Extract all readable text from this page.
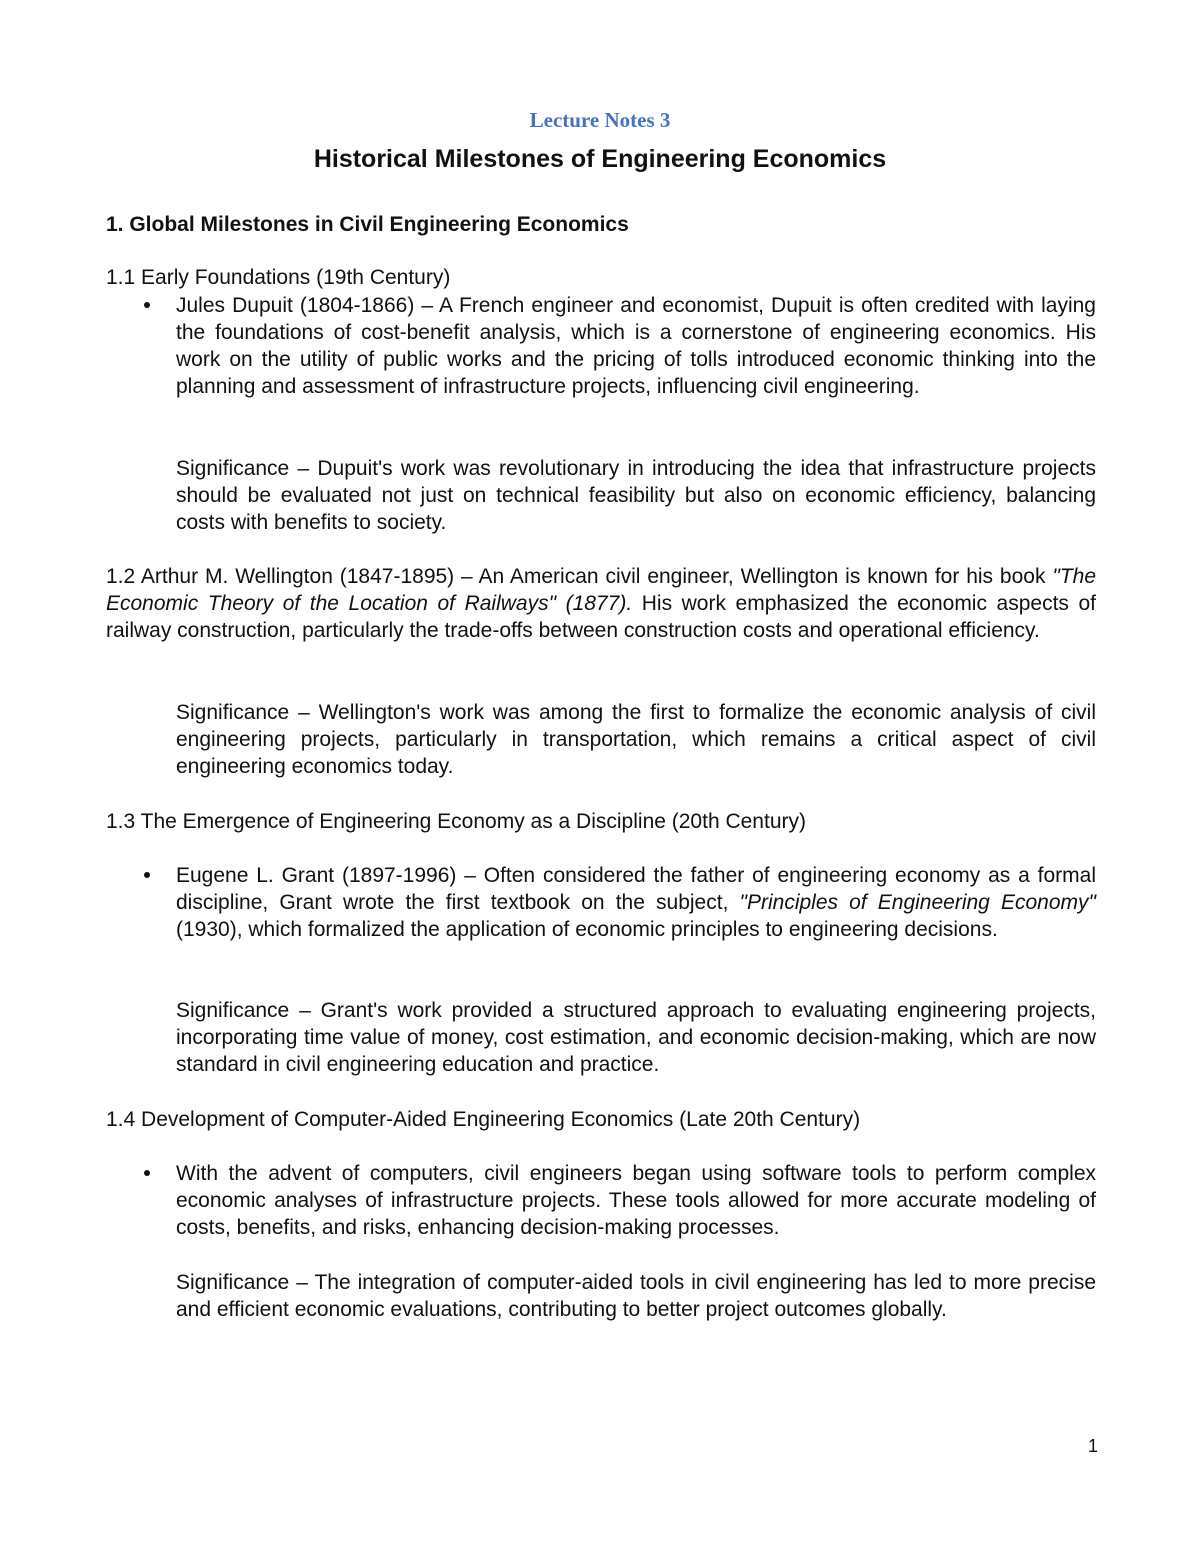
Lecture Notes 3
Historical Milestones of Engineering Economics
1. Global Milestones in Civil Engineering Economics
1.1 Early Foundations (19th Century)
Jules Dupuit (1804-1866) – A French engineer and economist, Dupuit is often credited with laying the foundations of cost-benefit analysis, which is a cornerstone of engineering economics. His work on the utility of public works and the pricing of tolls introduced economic thinking into the planning and assessment of infrastructure projects, influencing civil engineering.
Significance – Dupuit's work was revolutionary in introducing the idea that infrastructure projects should be evaluated not just on technical feasibility but also on economic efficiency, balancing costs with benefits to society.
1.2 Arthur M. Wellington (1847-1895) – An American civil engineer, Wellington is known for his book "The Economic Theory of the Location of Railways" (1877). His work emphasized the economic aspects of railway construction, particularly the trade-offs between construction costs and operational efficiency.
Significance – Wellington's work was among the first to formalize the economic analysis of civil engineering projects, particularly in transportation, which remains a critical aspect of civil engineering economics today.
1.3 The Emergence of Engineering Economy as a Discipline (20th Century)
Eugene L. Grant (1897-1996) – Often considered the father of engineering economy as a formal discipline, Grant wrote the first textbook on the subject, "Principles of Engineering Economy" (1930), which formalized the application of economic principles to engineering decisions.
Significance – Grant's work provided a structured approach to evaluating engineering projects, incorporating time value of money, cost estimation, and economic decision-making, which are now standard in civil engineering education and practice.
1.4 Development of Computer-Aided Engineering Economics (Late 20th Century)
With the advent of computers, civil engineers began using software tools to perform complex economic analyses of infrastructure projects. These tools allowed for more accurate modeling of costs, benefits, and risks, enhancing decision-making processes.
Significance – The integration of computer-aided tools in civil engineering has led to more precise and efficient economic evaluations, contributing to better project outcomes globally.
1
